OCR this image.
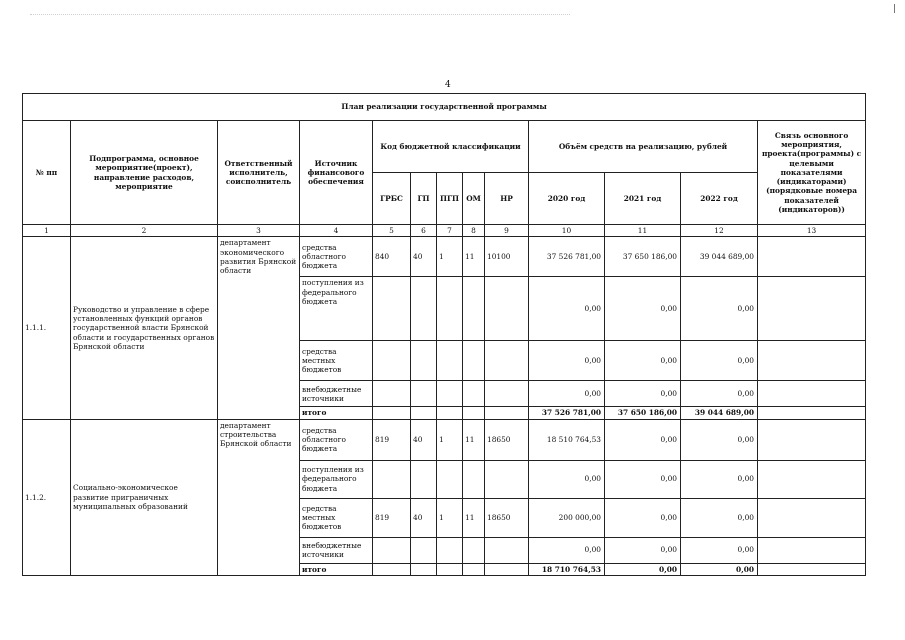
4
План реализации государственной программы												
№ пп	Подпрограмма, основное мероприятие(проект), направление расходов, мероприятие	Ответственный исполнитель, соисполнитель	Источник финансового обеспечения	Код бюджетной классификации					Объём средств на реализацию, рублей			Связь основного мероприятия, проекта(программы) с целевыми показателями (индикаторами) (порядковые номера показателей (индикаторов))
				ГРБС	ГП	ПГП	ОМ	НР	2020 год	2021 год	2022 год	
1	2	3	4	5	6	7	8	9	10	11	12	13
1.1.1.	Руководство и управление в сфере установленных функций органов государственной власти Брянской области и государственных органов Брянской области	департамент экономического развития Брянской области	средства областного бюджета	840	40	1	11	10100	37 526 781,00	37 650 186,00	39 044 689,00	
			поступления из федерального бюджета						0,00	0,00	0,00	
			средства местных бюджетов						0,00	0,00	0,00	
			внебюджетные источники						0,00	0,00	0,00	
			итого						37 526 781,00	37 650 186,00	39 044 689,00	
1.1.2.	Социально-экономическое развитие приграничных муниципальных образований	департамент строительства Брянской области	средства областного бюджета	819	40	1	11	18650	18 510 764,53	0,00	0,00	
			поступления из федерального бюджета						0,00	0,00	0,00	
			средства местных бюджетов	819	40	1	11	18650	200 000,00	0,00	0,00	
			внебюджетные источники						0,00	0,00	0,00	
			итого						18 710 764,53	0,00	0,00	
